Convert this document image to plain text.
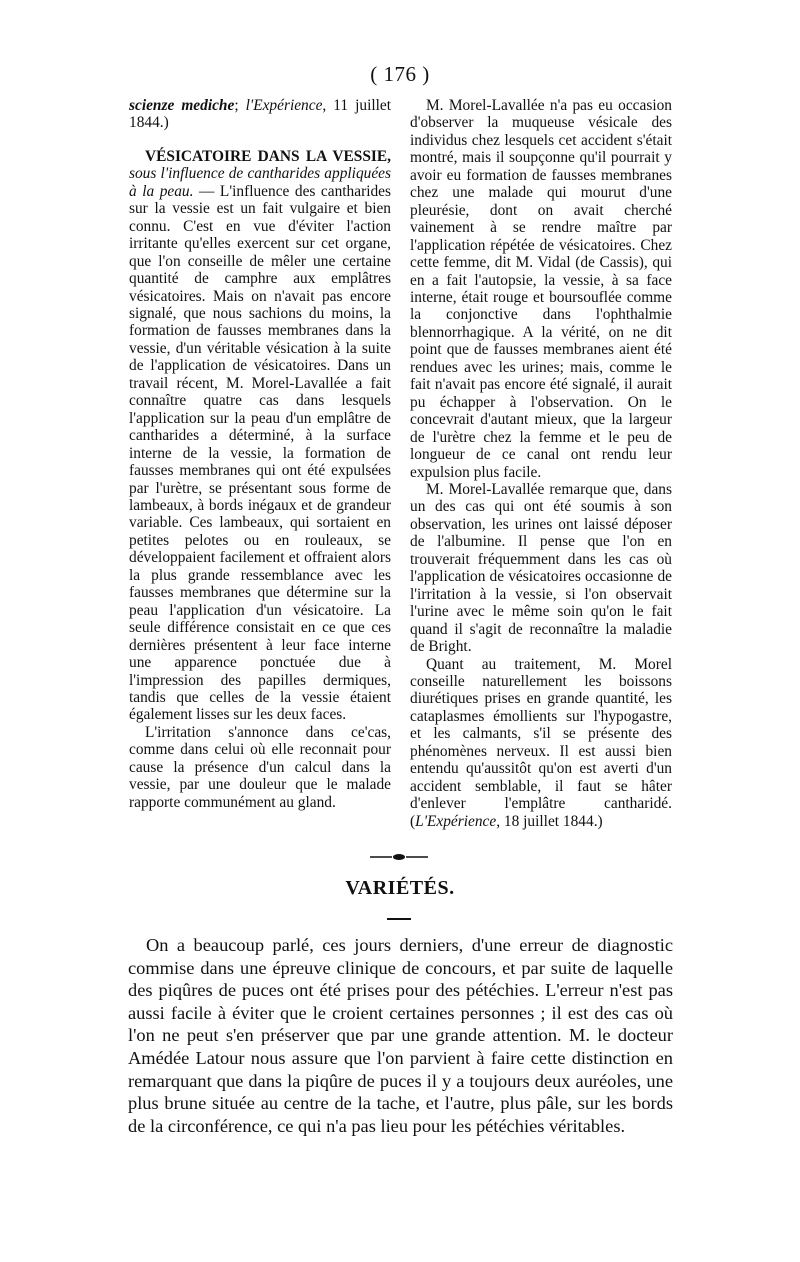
( 176 )

scienze mediche; l'Expérience, 11 juillet 1844.)

VÉSICATOIRE DANS LA VESSIE, sous l'influence de cantharides appliquées à la peau. — L'influence des cantharides sur la vessie est un fait vulgaire et bien connu. C'est en vue d'éviter l'action irritante qu'elles exercent sur cet organe, que l'on conseille de mêler une certaine quantité de camphre aux emplâtres vésicatoires. Mais on n'avait pas encore signalé, que nous sachions du moins, la formation de fausses membranes dans la vessie, d'un véritable vésication à la suite de l'application de vésicatoires. Dans un travail récent, M. Morel-Lavallée a fait connaître quatre cas dans lesquels l'application sur la peau d'un emplâtre de cantharides a déterminé, à la surface interne de la vessie, la formation de fausses membranes qui ont été expulsées par l'urètre, se présentant sous forme de lambeaux, à bords inégaux et de grandeur variable. Ces lambeaux, qui sortaient en petites pelotes ou en rouleaux, se développaient facilement et offraient alors la plus grande ressemblance avec les fausses membranes que détermine sur la peau l'application d'un vésicatoire. La seule différence consistait en ce que ces dernières présentent à leur face interne une apparence ponctuée due à l'impression des papilles dermiques, tandis que celles de la vessie étaient également lisses sur les deux faces.

L'irritation s'annonce dans ce'cas, comme dans celui où elle reconnait pour cause la présence d'un calcul dans la vessie, par une douleur que le malade rapporte communément au gland.

M. Morel-Lavallée n'a pas eu occasion d'observer la muqueuse vésicale des individus chez lesquels cet accident s'était montré, mais il soupçonne qu'il pourrait y avoir eu formation de fausses membranes chez une malade qui mourut d'une pleurésie, dont on avait cherché vainement à se rendre maître par l'application répétée de vésicatoires. Chez cette femme, dit M. Vidal (de Cassis), qui en a fait l'autopsie, la vessie, à sa face interne, était rouge et boursouflée comme la conjonctive dans l'ophthalmie blennorrhagique. A la vérité, on ne dit point que de fausses membranes aient été rendues avec les urines; mais, comme le fait n'avait pas encore été signalé, il aurait pu échapper à l'observation. On le concevrait d'autant mieux, que la largeur de l'urètre chez la femme et le peu de longueur de ce canal ont rendu leur expulsion plus facile.

M. Morel-Lavallée remarque que, dans un des cas qui ont été soumis à son observation, les urines ont laissé déposer de l'albumine. Il pense que l'on en trouverait fréquemment dans les cas où l'application de vésicatoires occasionne de l'irritation à la vessie, si l'on observait l'urine avec le même soin qu'on le fait quand il s'agit de reconnaître la maladie de Bright.

Quant au traitement, M. Morel conseille naturellement les boissons diurétiques prises en grande quantité, les cataplasmes émollients sur l'hypogastre, et les calmants, s'il se présente des phénomènes nerveux. Il est aussi bien entendu qu'aussitôt qu'on est averti d'un accident semblable, il faut se hâter d'enlever l'emplâtre cantharidé. (L'Expérience, 18 juillet 1844.)

VARIÉTÉS.

On a beaucoup parlé, ces jours derniers, d'une erreur de diagnostic commise dans une épreuve clinique de concours, et par suite de laquelle des piqûres de puces ont été prises pour des pétéchies. L'erreur n'est pas aussi facile à éviter que le croient certaines personnes ; il est des cas où l'on ne peut s'en préserver que par une grande attention. M. le docteur Amédée Latour nous assure que l'on parvient à faire cette distinction en remarquant que dans la piqûre de puces il y a toujours deux auréoles, une plus brune située au centre de la tache, et l'autre, plus pâle, sur les bords de la circonférence, ce qui n'a pas lieu pour les pétéchies véritables.
